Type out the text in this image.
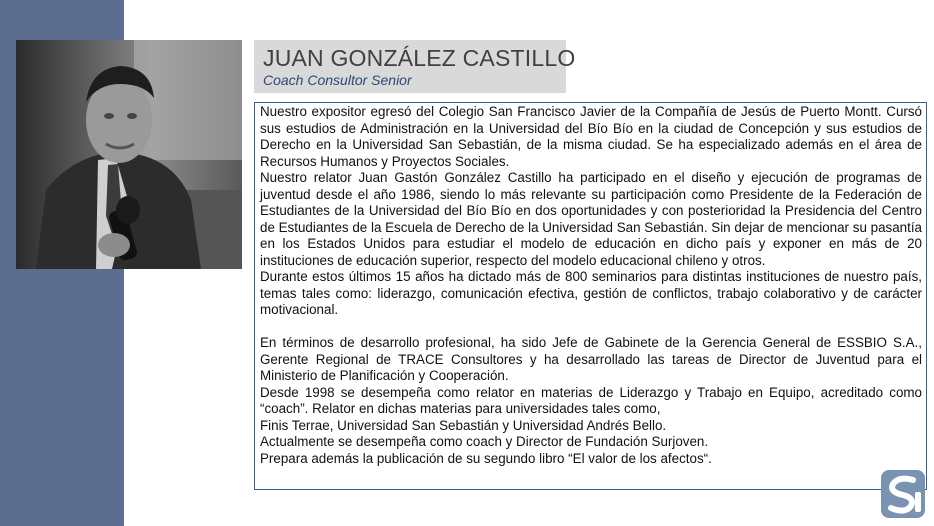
JUAN GONZÁLEZ CASTILLO
Coach Consultor Senior

Nuestro expositor egresó del Colegio San Francisco Javier de la Compañía de Jesús de Puerto Montt. Cursó sus estudios de Administración en la Universidad del Bío Bío en la ciudad de Concepción y sus estudios de Derecho en la Universidad San Sebastián, de la misma ciudad. Se ha especializado además en el área de Recursos Humanos y Proyectos Sociales.

Nuestro relator Juan Gastón González Castillo ha participado en el diseño y ejecución de programas de juventud desde el año 1986, siendo lo más relevante su participación como Presidente de la Federación de Estudiantes de la Universidad del Bío Bío en dos oportunidades y con posterioridad la Presidencia del Centro de Estudiantes de la Escuela de Derecho de la Universidad San Sebastián. Sin dejar de mencionar su pasantía en los Estados Unidos para estudiar el modelo de educación en dicho país y exponer en más de 20 instituciones de educación superior, respecto del modelo educacional chileno y otros.

Durante estos últimos 15 años ha dictado más de 800 seminarios para distintas instituciones de nuestro país, temas tales como: liderazgo, comunicación efectiva, gestión de conflictos, trabajo colaborativo y de carácter motivacional.

En términos de desarrollo profesional, ha sido Jefe de Gabinete de la Gerencia General de ESSBIO S.A., Gerente Regional de TRACE Consultores y ha desarrollado las tareas de Director de Juventud para el Ministerio de Planificación y Cooperación.

Desde 1998 se desempeña como relator en materias de Liderazgo y Trabajo en Equipo, acreditado como “coach”. Relator en dichas materias para universidades tales como,

Finis Terrae, Universidad San Sebastián y Universidad Andrés Bello.

Actualmente se desempeña como coach y Director de Fundación Surjoven.

Prepara además la publicación de su segundo libro “El valor de los afectos“.
